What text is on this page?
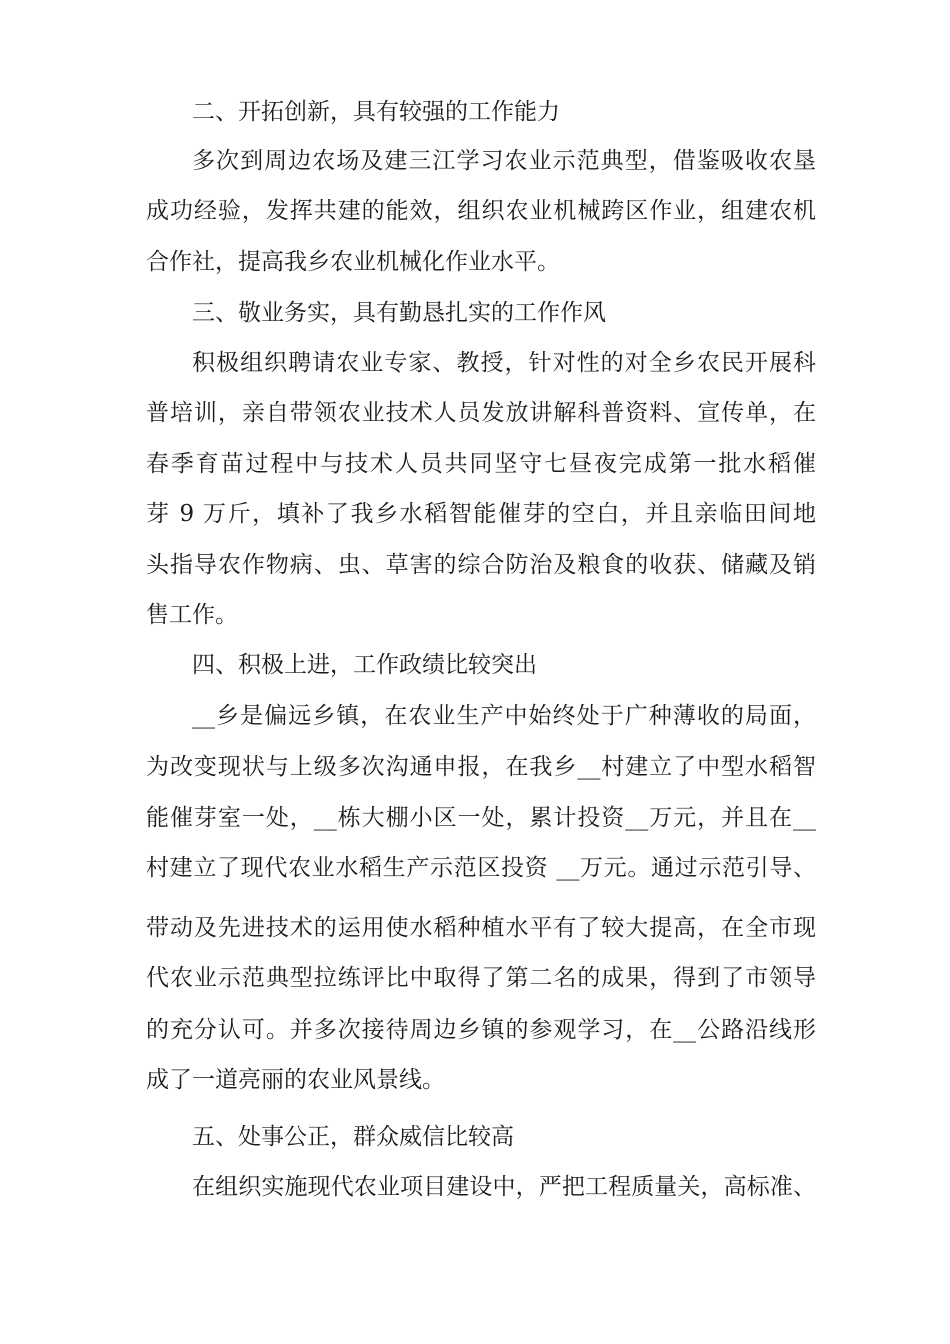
二、开拓创新，具有较强的工作能力
多次到周边农场及建三江学习农业示范典型，借鉴吸收农垦
成功经验，发挥共建的能效，组织农业机械跨区作业，组建农机
合作社，提高我乡农业机械化作业水平。
三、敬业务实，具有勤恳扎实的工作作风
积极组织聘请农业专家、教授，针对性的对全乡农民开展科
普培训，亲自带领农业技术人员发放讲解科普资料、宣传单，在
春季育苗过程中与技术人员共同坚守七昼夜完成第一批水稻催
芽 9 万斤，填补了我乡水稻智能催芽的空白，并且亲临田间地
头指导农作物病、虫、草害的综合防治及粮食的收获、储藏及销
售工作。
四、积极上进，工作政绩比较突出
__乡是偏远乡镇，在农业生产中始终处于广种薄收的局面，
为改变现状与上级多次沟通申报，在我乡__村建立了中型水稻智
能催芽室一处，__栋大棚小区一处，累计投资__万元，并且在__
村建立了现代农业水稻生产示范区投资 __万元。通过示范引导、
带动及先进技术的运用使水稻种植水平有了较大提高，在全市现
代农业示范典型拉练评比中取得了第二名的成果，得到了市领导
的充分认可。并多次接待周边乡镇的参观学习，在__公路沿线形
成了一道亮丽的农业风景线。
五、处事公正，群众威信比较高
在组织实施现代农业项目建设中，严把工程质量关，高标准、
